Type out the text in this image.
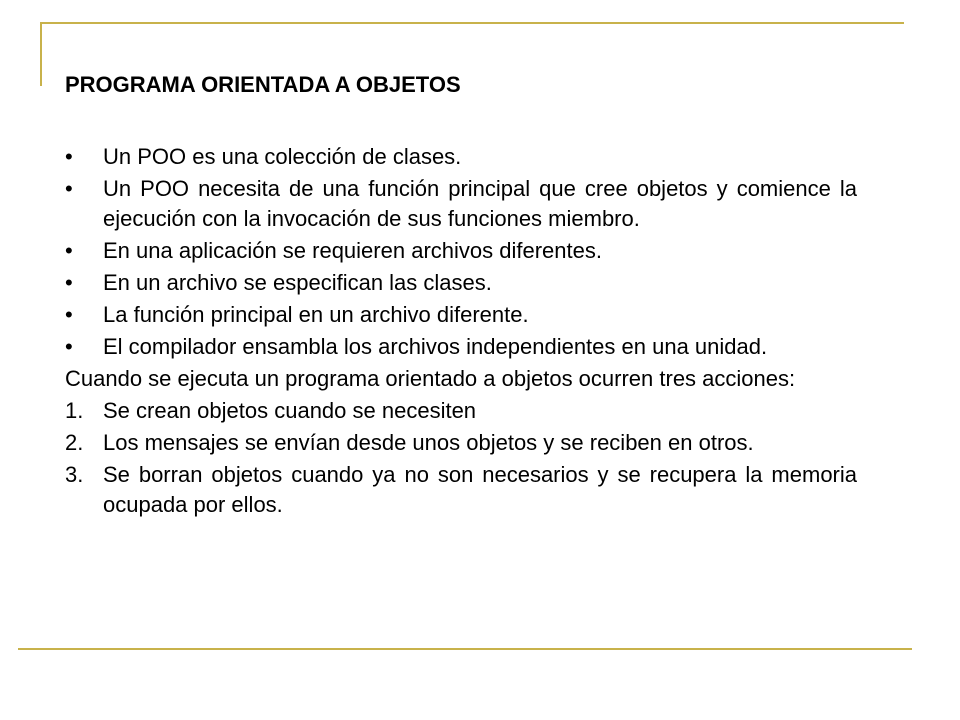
PROGRAMA ORIENTADA A OBJETOS
• Un POO es una colección de clases.
• Un POO necesita de una función principal que cree objetos y comience la ejecución con la invocación de sus funciones miembro.
• En una aplicación se requieren archivos diferentes.
• En un archivo se especifican las clases.
• La función principal en un archivo diferente.
• El compilador ensambla los archivos independientes en una unidad.
Cuando se ejecuta un programa orientado a objetos ocurren tres acciones:
1. Se crean objetos cuando se necesiten
2. Los mensajes se envían desde unos objetos y se reciben en otros.
3. Se borran objetos cuando ya no son necesarios y se recupera la memoria ocupada por ellos.
